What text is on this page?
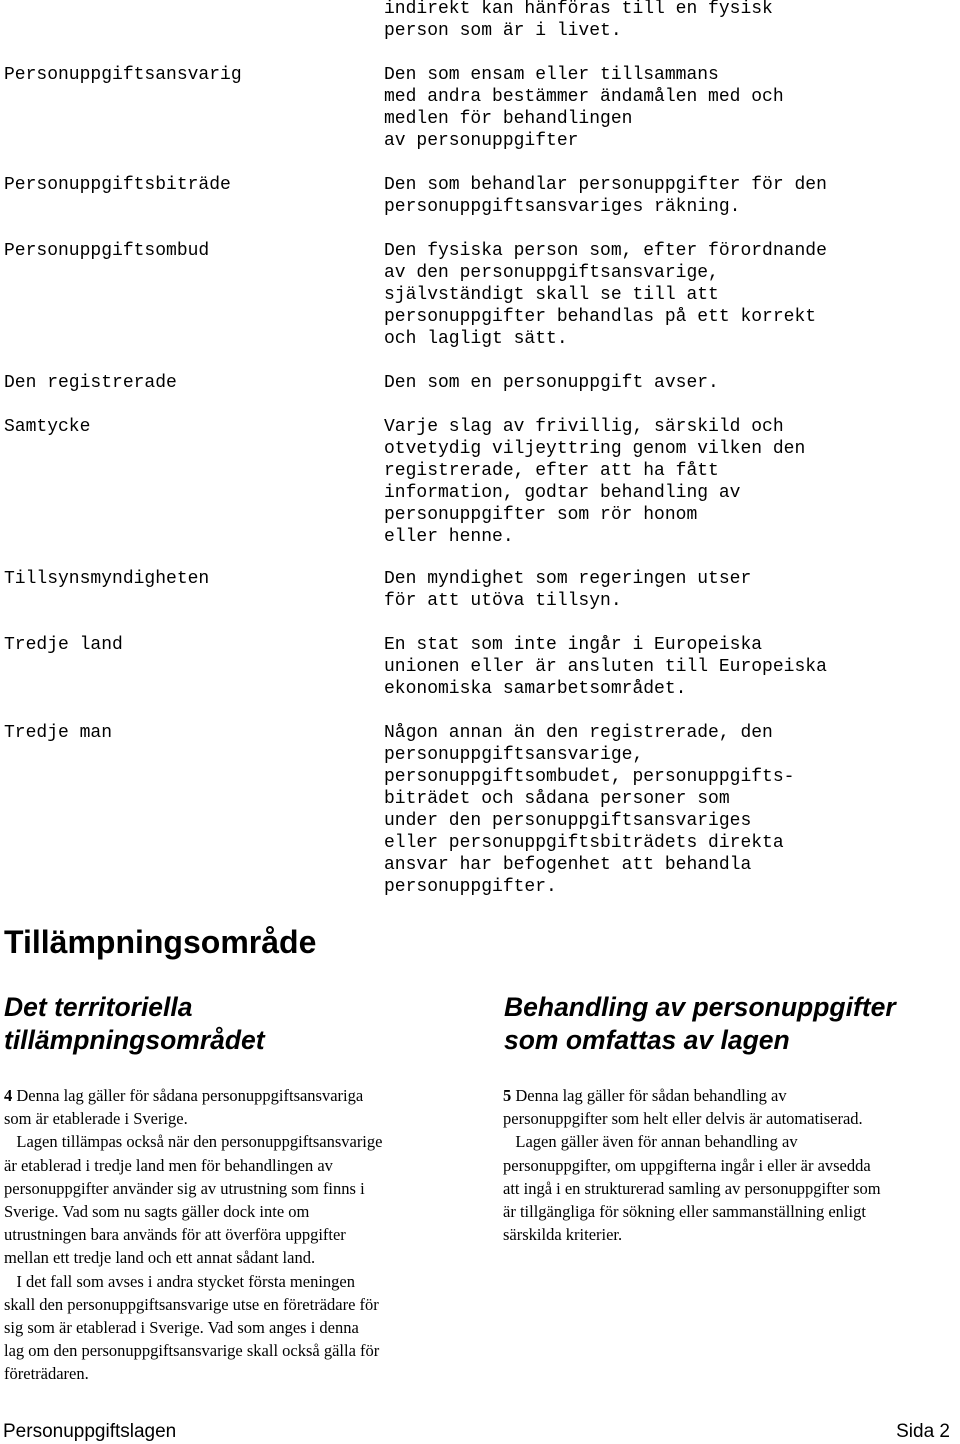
indirekt kan hänföras till en fysisk
person som är i livet.
Personuppgiftsansvarig	Den som ensam eller tillsammans
med andra bestämmer ändamålen med och
medlen för behandlingen
av personuppgifter
Personuppgiftsbiträde	Den som behandlar personuppgifter för den
personuppgiftsansvariges räkning.
Personuppgiftsombud	Den fysiska person som, efter förordnande
av den personuppgiftsansvarige,
självständigt skall se till att
personuppgifter behandlas på ett korrekt
och lagligt sätt.
Den registrerade	Den som en personuppgift avser.
Samtycke	Varje slag av frivillig, särskild och
otvetydig viljeyttring genom vilken den
registrerade, efter att ha fått
information, godtar behandling av
personuppgifter som rör honom
eller henne.
Tillsynsmyndigheten	Den myndighet som regeringen utser
för att utöva tillsyn.
Tredje land	En stat som inte ingår i Europeiska
unionen eller är ansluten till Europeiska
ekonomiska samarbetsområdet.
Tredje man	Någon annan än den registrerade, den
personuppgiftsansvarige,
personuppgiftsombudet, personuppgifts-
biträdet och sådana personer som
under den personuppgiftsansvariges
eller personuppgiftsbiträdets direkta
ansvar har befogenhet att behandla
personuppgifter.
Tillämpningsområde
Det territoriella
tillämpningsområdet
4 Denna lag gäller för sådana personuppgiftsansvariga
som är etablerade i Sverige.
Lagen tillämpas också när den personuppgiftsansvarige
är etablerad i tredje land men för behandlingen av
personuppgifter använder sig av utrustning som finns i
Sverige. Vad som nu sagts gäller dock inte om
utrustningen bara används för att överföra uppgifter
mellan ett tredje land och ett annat sådant land.
I det fall som avses i andra stycket första meningen
skall den personuppgiftsansvarige utse en företrädare för
sig som är etablerad i Sverige. Vad som anges i denna
lag om den personuppgiftsansvarige skall också gälla för
företrädaren.
Behandling av personuppgifter
som omfattas av lagen
5 Denna lag gäller för sådan behandling av
personuppgifter som helt eller delvis är automatiserad.
Lagen gäller även för annan behandling av
personuppgifter, om uppgifterna ingår i eller är avsedda
att ingå i en strukturerad samling av personuppgifter som
är tillgängliga för sökning eller sammanställning enligt
särskilda kriterier.
Personuppgiftslagen	Sida 2
